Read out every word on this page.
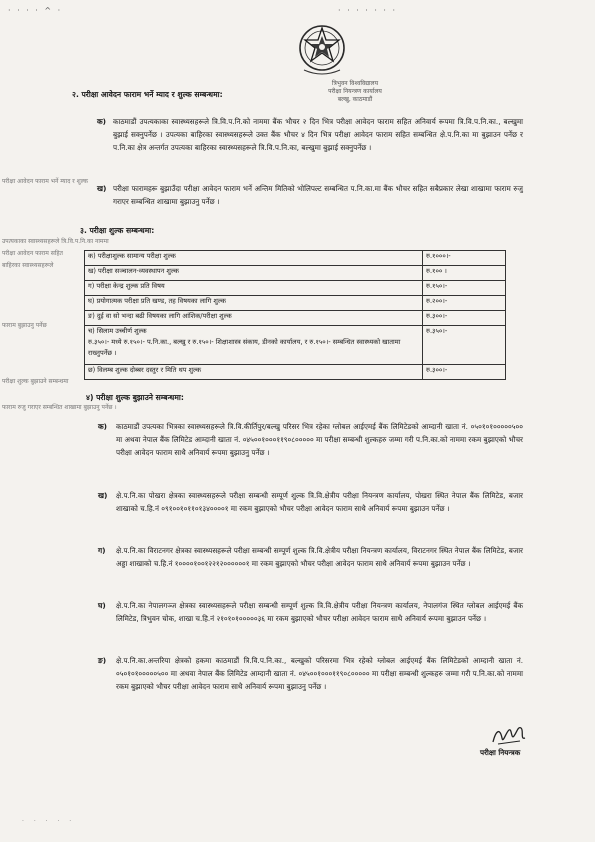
· · · · ^ ·	· · · · · · ·
त्रिभुवन विश्वविद्यालय
परीक्षा नियन्त्रण कार्यालय
बल्खु, काठमाडौं
परीक्षा आवेदन फाराम भर्ने म्याद र शुल्क
उपत्यकाका स्वास्थ्यसहरूले त्रि.वि.प.नि.का नाममा
परीक्षा आवेदन फाराम सहित
बाहिरका स्वास्थ्यसहरूले
फाराम बुझाउनु पर्नेछ
परीक्षा शुल्क बुझाउने सम्बन्धमा
फाराम रुजु गराएर सम्बन्धित शाखामा बुझाउनु पर्नेछ ।
२. परीक्षा आवेदन फाराम भर्ने म्याद र शुल्क सम्बन्धमा:
क) काठमाडौं उपत्यकाका स्वास्थ्यसहरूले त्रि.वि.प.नि.को नाममा बैंक भौचर २ दिन भित्र परीक्षा आवेदन फाराम सहित अनिवार्य रूपमा त्रि.वि.प.नि.का., बल्खुमा बुझाई सक्नुपर्नेछ । उपत्यका बाहिरका स्वास्थ्यसहरूले उक्त बैंक भौचर ४ दिन भित्र परीक्षा आवेदन फाराम सहित सम्बन्धित क्षे.प.नि.का मा बुझाउन पर्नेछ र प.नि.का क्षेत्र अन्तर्गत उपत्यका बाहिरका स्वास्थ्यसहरूले त्रि.वि.प.नि.का, बल्खुमा बुझाई सक्नुपर्नेछ ।
ख) परीक्षा फारामहरू बुझाउँदा परीक्षा आवेदन फाराम भर्ने अन्तिम मितिको भोलिपल्ट सम्बन्धित प.नि.का.मा बैंक भौचर सहित सबैप्रकार लेखा शाखामा फाराम रुजु गराएर सम्बन्धित शाखामा बुझाउनु पर्नेछ ।
३. परीक्षा शुल्क सम्बन्धमा:
क) परीक्षाशुल्क सामान्य परीक्षा शुल्क	रु.१०००।-
ख) परीक्षा सञ्चालन-व्यवस्थापन शुल्क	रु.१०० ।
ग) परीक्षा केन्द्र शुल्क प्रति विषय	रु.१५०।-
घ) प्रयोगात्मक परीक्षा प्रति खण्ड, तह विषयका लागि शुल्क	रु.२००।-
ङ) दुई वा सो भन्दा बढी विषयका लागि आंशिक/परीक्षा शुल्क	रु.३००।-

च) सिलाम उच्चीर्ण शुल्क
रु.३५०।- मध्ये रु.१५०।- प.नि.का., बल्खु र रु.१५०।- शिक्षाशास्त्र संकाय, डीनको कार्यालय, र रु.१५०।- सम्बन्धित स्वास्थ्यको खातामा राख्नुपर्नेछ ।	रु.३५०।-
छ) विलम्ब शुल्क दोब्बर दस्तुर र मिति थप शुल्क	रु.३००।-
४) परीक्षा शुल्क बुझाउने सम्बन्धमा:
क) काठमाडौं उपत्यका भित्रका स्वास्थ्यसहरूले त्रि.वि.कीर्तिपुर/बल्खु परिसर भित्र रहेका ग्लोबल आईएमई बैंक लिमिटेडको आम्दानी खाता नं. ०५०१०१०००००५०० मा अथवा नेपाल बैंक लिमिटेड आम्दानी खाता नं. ०४५००१०००११९०८००००० मा परीक्षा सम्बन्धी शुल्कहरु जम्मा गरी प.नि.का.को नाममा रकम बुझाएको भौचर परीक्षा आवेदन फाराम साथै अनिवार्य रूपमा बुझाउनु पर्नेछ ।
ख) क्षे.प.नि.का पोखरा क्षेत्रका स्वास्थ्यसहरूले परीक्षा सम्बन्धी सम्पूर्ण शुल्क त्रि.वि.क्षेत्रीय परीक्षा नियन्त्रण कार्यालय, पोखरा स्थित नेपाल बैंक लिमिटेड, बजार शाखाको च.हि.नं ०९१००१०११०१३४००००१ मा रकम बुझाएको भौचर परीक्षा आवेदन फाराम साथै अनिवार्य रूपमा बुझाउन पर्नेछ ।
ग) क्षे.प.नि.का विराटनगर क्षेत्रका स्वास्थ्यसहरूले परीक्षा सम्बन्धी सम्पूर्ण शुल्क त्रि.वि.क्षेत्रीय परीक्षा नियन्त्रण कार्यालय, विराटनगर स्थित नेपाल बैंक लिमिटेड, बजार अड्डा शाखाको च.हि.नं १००००१००१२२१२००००००१ मा रकम बुझाएको भौचर परीक्षा आवेदन फाराम साथै अनिवार्य रूपमा बुझाउन पर्नेछ ।
घ) क्षे.प.नि.का नेपालगञ्ज क्षेत्रका स्वास्थ्यसहरूले परीक्षा सम्बन्धी सम्पूर्ण शुल्क त्रि.वि.क्षेत्रीय परीक्षा नियन्त्रण कार्यालय, नेपालगंज स्थित ग्लोबल आईएमई बैंक लिमिटेड, त्रिभुवन चोक, शाखा च.हि.नं २१०१०१०००००३६ मा रकम बुझाएको भौचर परीक्षा आवेदन फाराम साथै अनिवार्य रूपमा बुझाउन पर्नेछ ।
ङ) क्षे.प.नि.का.अन्तरिया क्षेत्रको हकमा काठमाडौं त्रि.वि.प.नि.का., बल्खुको परिसरमा भित्र रहेको ग्लोबल आईएमई बैंक लिमिटेडको आम्दानी खाता नं. ०५०१०१०००००५०० मा अथवा नेपाल बैंक लिमिटेड आम्दानी खाता नं. ०४५००१०००११९०८००००० मा परीक्षा सम्बन्धी शुल्कहरु जम्मा गरी प.नि.का.को नाममा रकम बुझाएको भौचर परीक्षा आवेदन फाराम साथै अनिवार्य रूपमा बुझाउनु पर्नेछ ।
परीक्षा नियन्त्रक
· · · · ·
